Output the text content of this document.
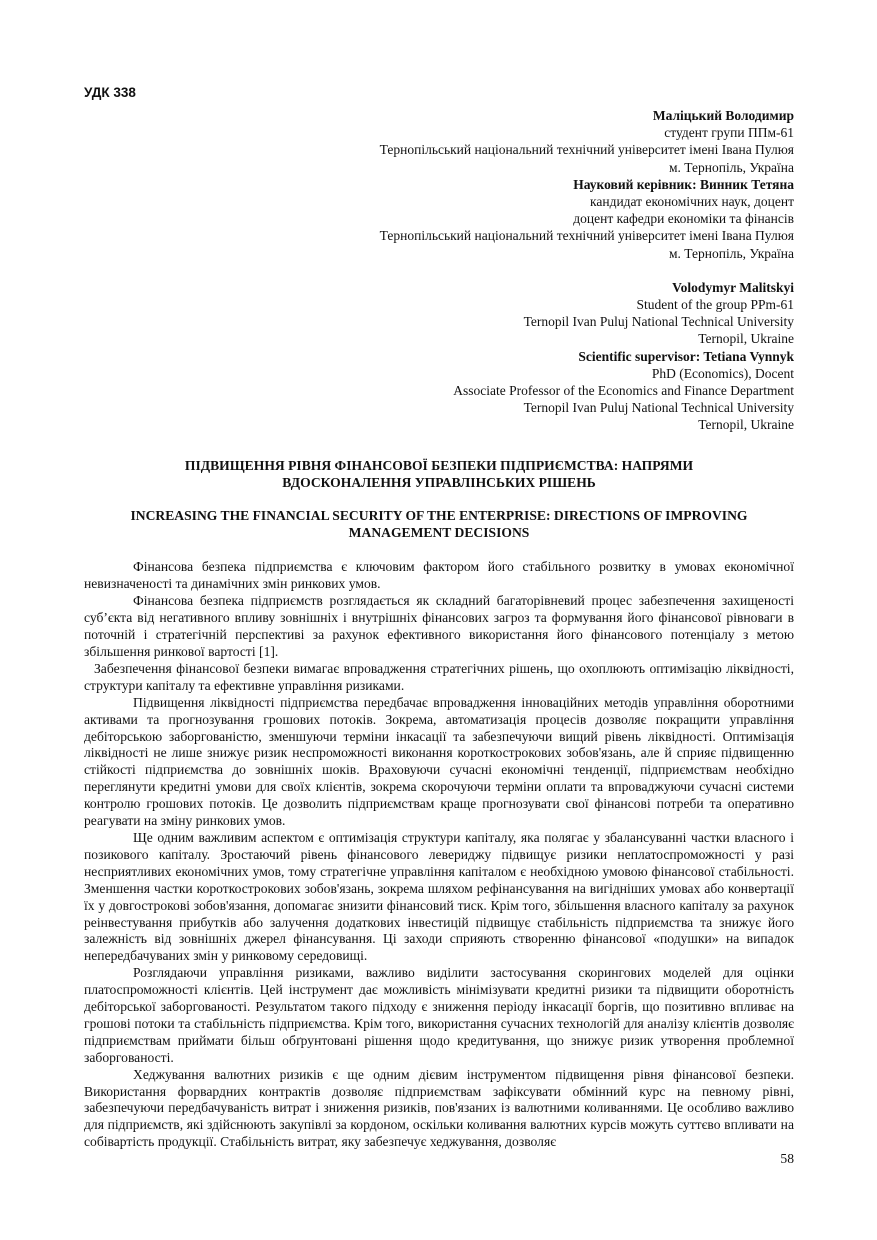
УДК 338
Маліцький Володимир
студент групи ППм-61
Тернопільський національний технічний університет імені Івана Пулюя
м. Тернопіль, Україна
Науковий керівник: Винник Тетяна
кандидат економічних наук, доцент
доцент кафедри економіки та фінансів
Тернопільський національний технічний університет імені Івана Пулюя
м. Тернопіль, Україна
Volodymyr Malitskyi
Student of the group PPm-61
Ternopil Ivan Puluj National Technical University
Ternopil, Ukraine
Scientific supervisor: Tetiana Vynnyk
PhD (Economics), Docent
Associate Professor of the Economics and Finance Department
Ternopil Ivan Puluj National Technical University
Ternopil, Ukraine
ПІДВИЩЕННЯ РІВНЯ ФІНАНСОВОЇ БЕЗПЕКИ ПІДПРИЄМСТВА: НАПРЯМИ ВДОСКОНАЛЕННЯ УПРАВЛІНСЬКИХ РІШЕНЬ
INCREASING THE FINANCIAL SECURITY OF THE ENTERPRISE: DIRECTIONS OF IMPROVING MANAGEMENT DECISIONS

Фінансова безпека підприємства є ключовим фактором його стабільного розвитку в умовах економічної невизначеності та динамічних змін ринкових умов.

Фінансова безпека підприємств розглядається як складний багаторівневий процес забезпечення захищеності суб’єкта від негативного впливу зовнішніх і внутрішніх фінансових загроз та формування його фінансової рівноваги в поточній і стратегічній перспективі за рахунок ефективного використання його фінансового потенціалу з метою збільшення ринкової вартості [1].

Забезпечення фінансової безпеки вимагає впровадження стратегічних рішень, що охоплюють оптимізацію ліквідності, структури капіталу та ефективне управління ризиками.

Підвищення ліквідності підприємства передбачає впровадження інноваційних методів управління оборотними активами та прогнозування грошових потоків. Зокрема, автоматизація процесів дозволяє покращити управління дебіторською заборгованістю, зменшуючи терміни інкасації та забезпечуючи вищий рівень ліквідності. Оптимізація ліквідності не лише знижує ризик неспроможності виконання короткострокових зобов'язань, але й сприяє підвищенню стійкості підприємства до зовнішніх шоків. Враховуючи сучасні економічні тенденції, підприємствам необхідно переглянути кредитні умови для своїх клієнтів, зокрема скорочуючи терміни оплати та впроваджуючи сучасні системи контролю грошових потоків. Це дозволить підприємствам краще прогнозувати свої фінансові потреби та оперативно реагувати на зміну ринкових умов.

Ще одним важливим аспектом є оптимізація структури капіталу, яка полягає у збалансуванні частки власного і позикового капіталу. Зростаючий рівень фінансового левериджу підвищує ризики неплатоспроможності у разі несприятливих економічних умов, тому стратегічне управління капіталом є необхідною умовою фінансової стабільності. Зменшення частки короткострокових зобов'язань, зокрема шляхом рефінансування на вигідніших умовах або конвертації їх у довгострокові зобов'язання, допомагає знизити фінансовий тиск. Крім того, збільшення власного капіталу за рахунок реінвестування прибутків або залучення додаткових інвестицій підвищує стабільність підприємства та знижує його залежність від зовнішніх джерел фінансування. Ці заходи сприяють створенню фінансової «подушки» на випадок непередбачуваних змін у ринковому середовищі.

Розглядаючи управління ризиками, важливо виділити застосування скорингових моделей для оцінки платоспроможності клієнтів. Цей інструмент дає можливість мінімізувати кредитні ризики та підвищити оборотність дебіторської заборгованості. Результатом такого підходу є зниження періоду інкасації боргів, що позитивно впливає на грошові потоки та стабільність підприємства. Крім того, використання сучасних технологій для аналізу клієнтів дозволяє підприємствам приймати більш обґрунтовані рішення щодо кредитування, що знижує ризик утворення проблемної заборгованості.

Хеджування валютних ризиків є ще одним дієвим інструментом підвищення рівня фінансової безпеки. Використання форвардних контрактів дозволяє підприємствам зафіксувати обмінний курс на певному рівні, забезпечуючи передбачуваність витрат і зниження ризиків, пов'язаних із валютними коливаннями. Це особливо важливо для підприємств, які здійснюють закупівлі за кордоном, оскільки коливання валютних курсів можуть суттєво впливати на собівартість продукції. Стабільність витрат, яку забезпечує хеджування, дозволяє

58
